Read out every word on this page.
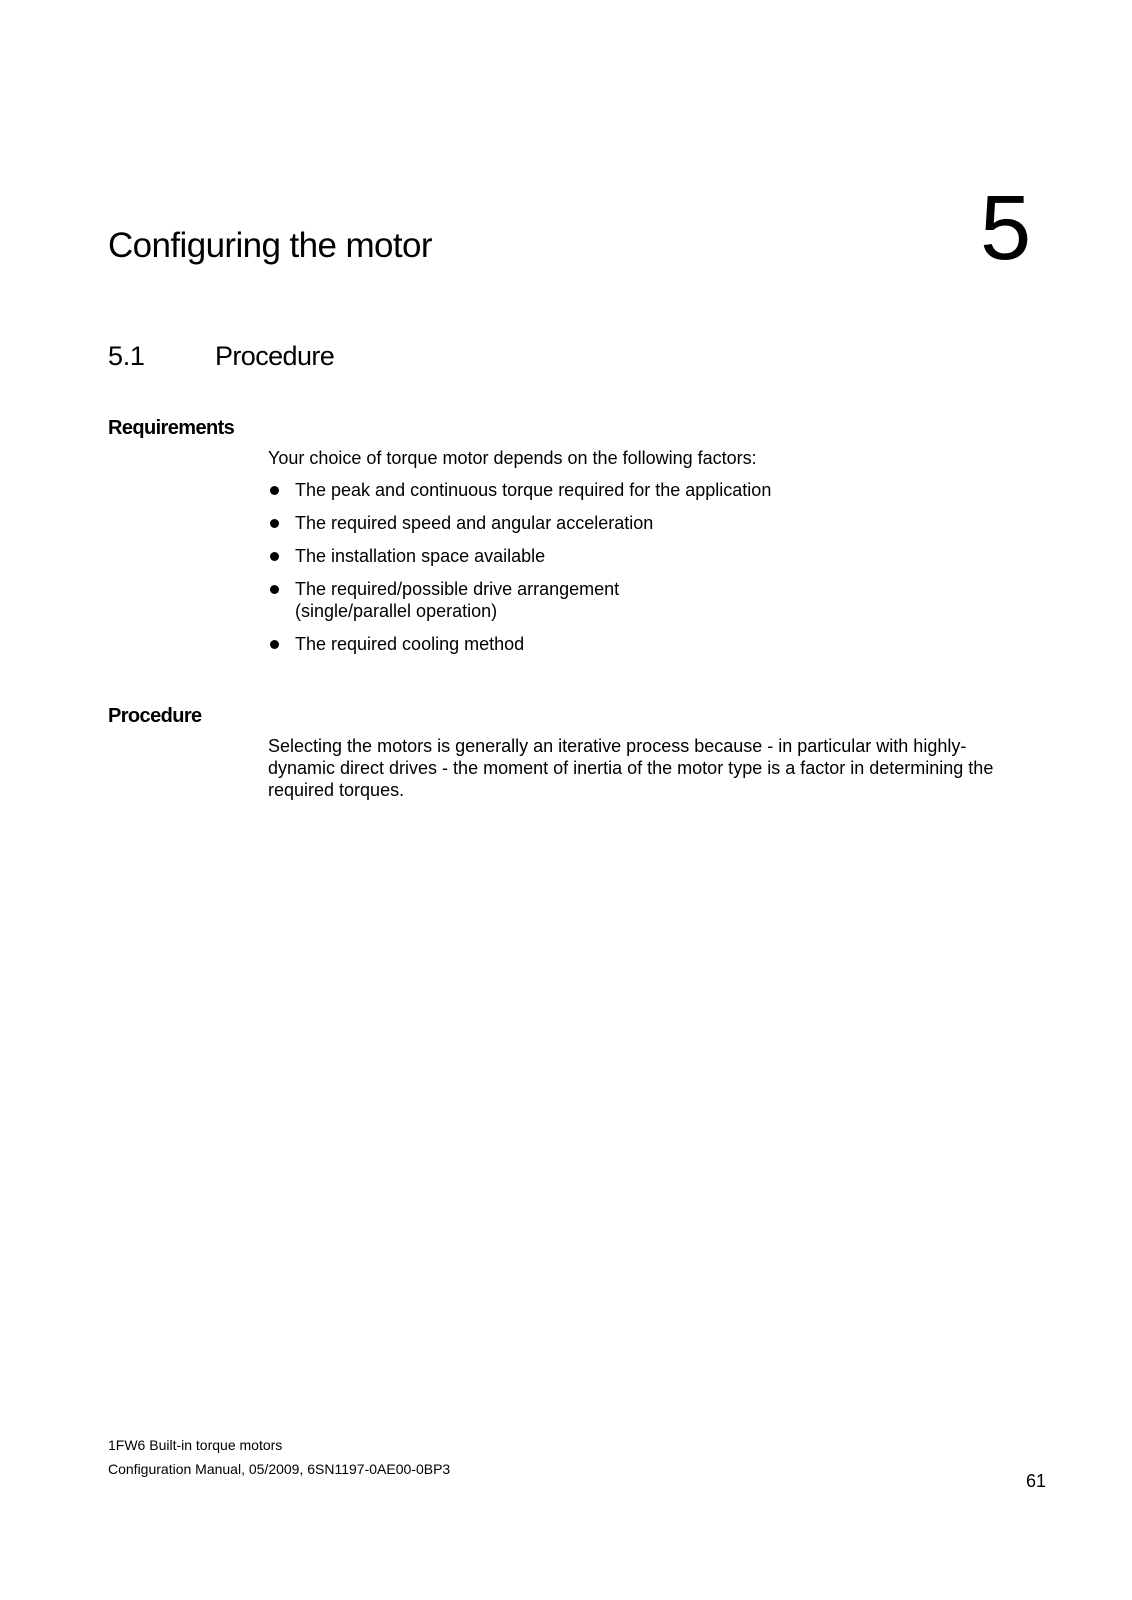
Configuring the motor	5
5.1	Procedure
Requirements
Your choice of torque motor depends on the following factors:
The peak and continuous torque required for the application
The required speed and angular acceleration
The installation space available
The required/possible drive arrangement
(single/parallel operation)
The required cooling method
Procedure
Selecting the motors is generally an iterative process because - in particular with highly-
dynamic direct drives - the moment of inertia of the motor type is a factor in determining the
required torques.
1FW6 Built-in torque motors
Configuration Manual, 05/2009, 6SN1197-0AE00-0BP3
61
